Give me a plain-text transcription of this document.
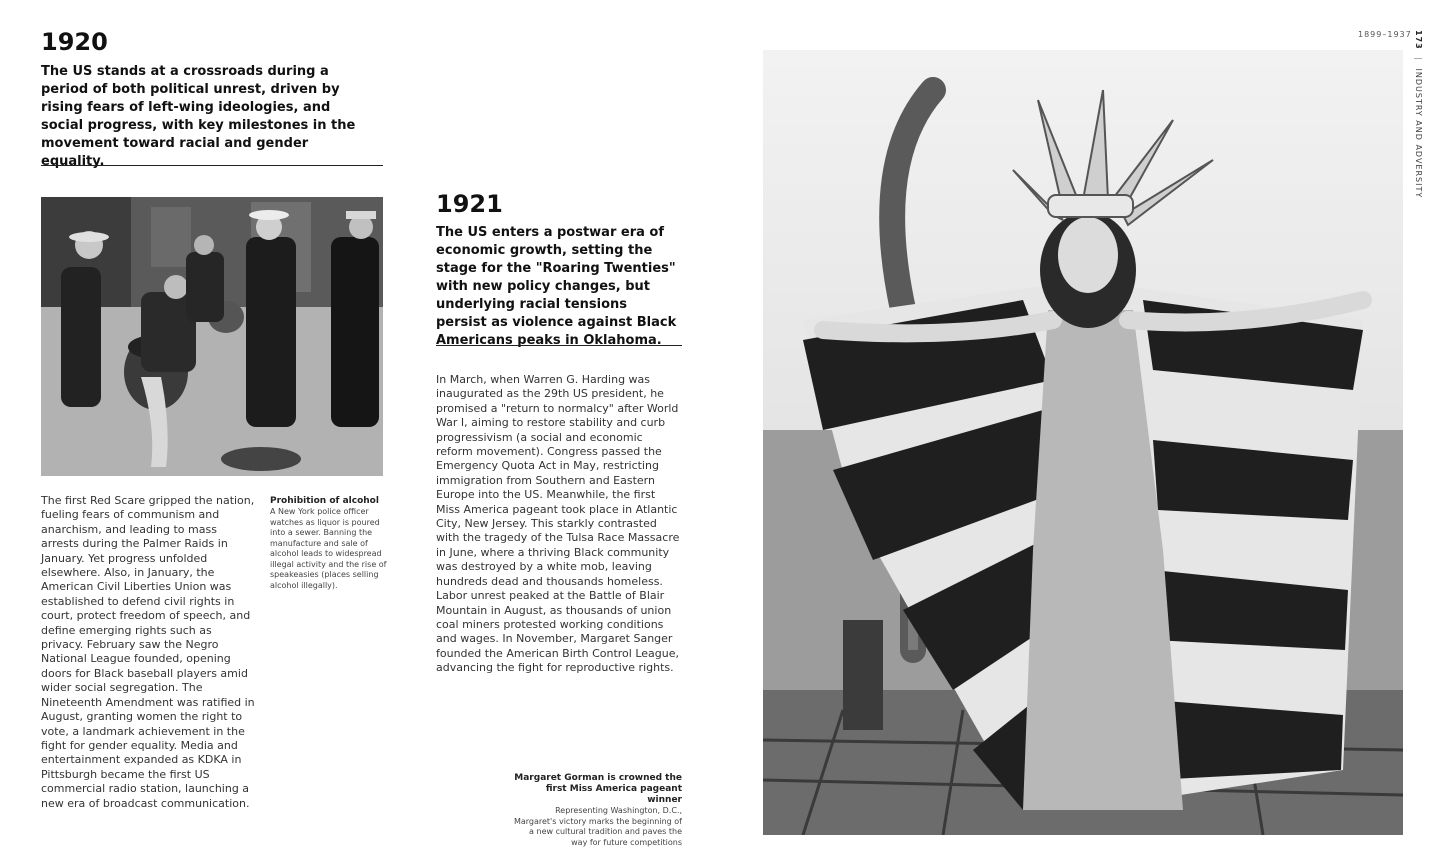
1920

The US stands at a crossroads during a period of both political unrest, driven by rising fears of left-wing ideologies, and social progress, with key milestones in the movement toward racial and gender equality.

The first Red Scare gripped the nation, fueling fears of communism and anarchism, and leading to mass arrests during the Palmer Raids in January. Yet progress unfolded elsewhere. Also, in January, the American Civil Liberties Union was established to defend civil rights in court, protect freedom of speech, and define emerging rights such as privacy. February saw the Negro National League founded, opening doors for Black baseball players amid wider social segregation. The Nineteenth Amendment was ratified in August, granting women the right to vote, a landmark achievement in the fight for gender equality. Media and entertainment expanded as KDKA in Pittsburgh became the first US commercial radio station, launching a new era of broadcast communication.

Prohibition of alcohol
A New York police officer watches as liquor is poured into a sewer. Banning the manufacture and sale of alcohol leads to widespread illegal activity and the rise of speakeasies (places selling alcohol illegally).
1921

The US enters a postwar era of economic growth, setting the stage for the "Roaring Twenties" with new policy changes, but underlying racial tensions persist as violence against Black Americans peaks in Oklahoma.

In March, when Warren G. Harding was inaugurated as the 29th US president, he promised a "return to normalcy" after World War I, aiming to restore stability and curb progressivism (a social and economic reform movement). Congress passed the Emergency Quota Act in May, restricting immigration from Southern and Eastern Europe into the US. Meanwhile, the first Miss America pageant took place in Atlantic City, New Jersey. This starkly contrasted with the tragedy of the Tulsa Race Massacre in June, where a thriving Black community was destroyed by a white mob, leaving hundreds dead and thousands homeless. Labor unrest peaked at the Battle of Blair Mountain in August, as thousands of union coal miners protested working conditions and wages. In November, Margaret Sanger founded the American Birth Control League, advancing the fight for reproductive rights.

Margaret Gorman is crowned the first Miss America pageant winner
Representing Washington, D.C., Margaret's victory marks the beginning of a new cultural tradition and paves the way for future competitions
1899–1937 173 | INDUSTRY AND ADVERSITY
